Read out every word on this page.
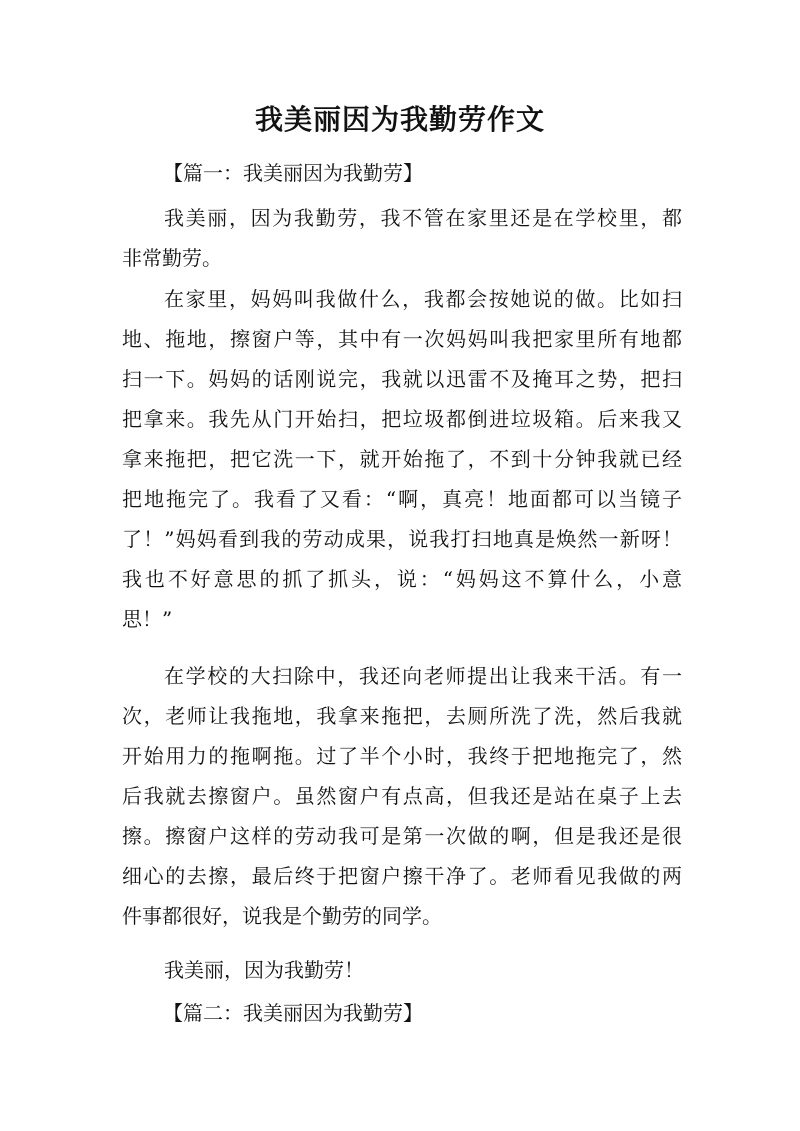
我美丽因为我勤劳作文
【篇一：我美丽因为我勤劳】
我美丽，因为我勤劳，我不管在家里还是在学校里，都
非常勤劳。
在家里，妈妈叫我做什么，我都会按她说的做。比如扫
地、拖地，擦窗户等，其中有一次妈妈叫我把家里所有地都
扫一下。妈妈的话刚说完，我就以迅雷不及掩耳之势，把扫
把拿来。我先从门开始扫，把垃圾都倒进垃圾箱。后来我又
拿来拖把，把它洗一下，就开始拖了，不到十分钟我就已经
把地拖完了。我看了又看：“啊，真亮！地面都可以当镜子
了！”妈妈看到我的劳动成果，说我打扫地真是焕然一新呀！
我也不好意思的抓了抓头，说：“妈妈这不算什么，小意
思！”
在学校的大扫除中，我还向老师提出让我来干活。有一
次，老师让我拖地，我拿来拖把，去厕所洗了洗，然后我就
开始用力的拖啊拖。过了半个小时，我终于把地拖完了，然
后我就去擦窗户。虽然窗户有点高，但我还是站在桌子上去
擦。擦窗户这样的劳动我可是第一次做的啊，但是我还是很
细心的去擦，最后终于把窗户擦干净了。老师看见我做的两
件事都很好，说我是个勤劳的同学。
我美丽，因为我勤劳！
【篇二：我美丽因为我勤劳】
